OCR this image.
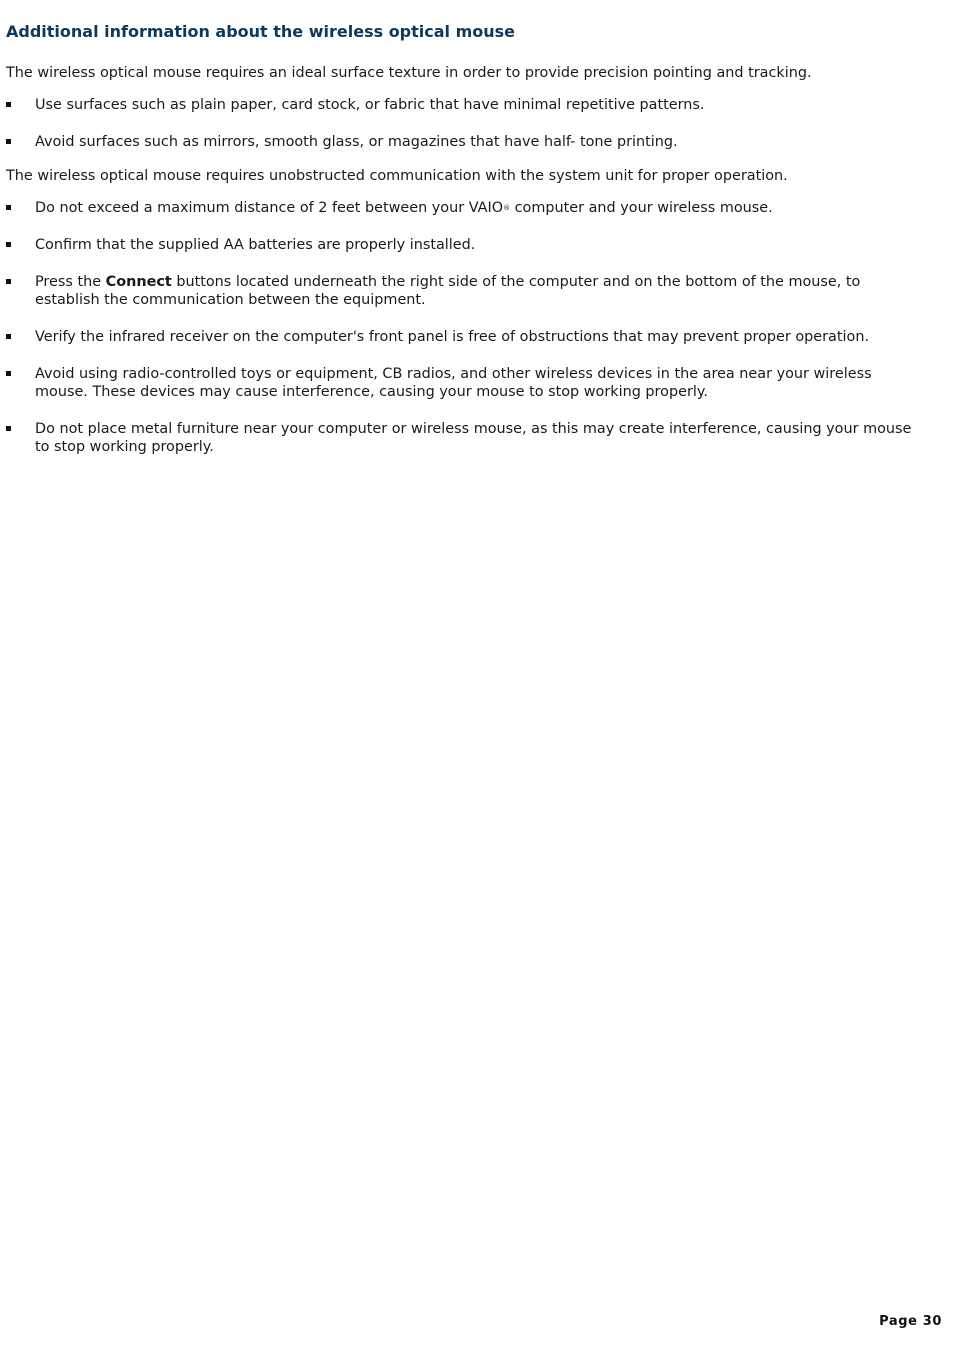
Additional information about the wireless optical mouse

The wireless optical mouse requires an ideal surface texture in order to provide precision pointing and tracking.

Use surfaces such as plain paper, card stock, or fabric that have minimal repetitive patterns.
Avoid surfaces such as mirrors, smooth glass, or magazines that have half- tone printing.

The wireless optical mouse requires unobstructed communication with the system unit for proper operation.

Do not exceed a maximum distance of 2 feet between your VAIO® computer and your wireless mouse.
Confirm that the supplied AA batteries are properly installed.
Press the Connect buttons located underneath the right side of the computer and on the bottom of the mouse, to establish the communication between the equipment.
Verify the infrared receiver on the computer's front panel is free of obstructions that may prevent proper operation.
Avoid using radio-controlled toys or equipment, CB radios, and other wireless devices in the area near your wireless mouse. These devices may cause interference, causing your mouse to stop working properly.
Do not place metal furniture near your computer or wireless mouse, as this may create interference, causing your mouse to stop working properly.
Page 30
